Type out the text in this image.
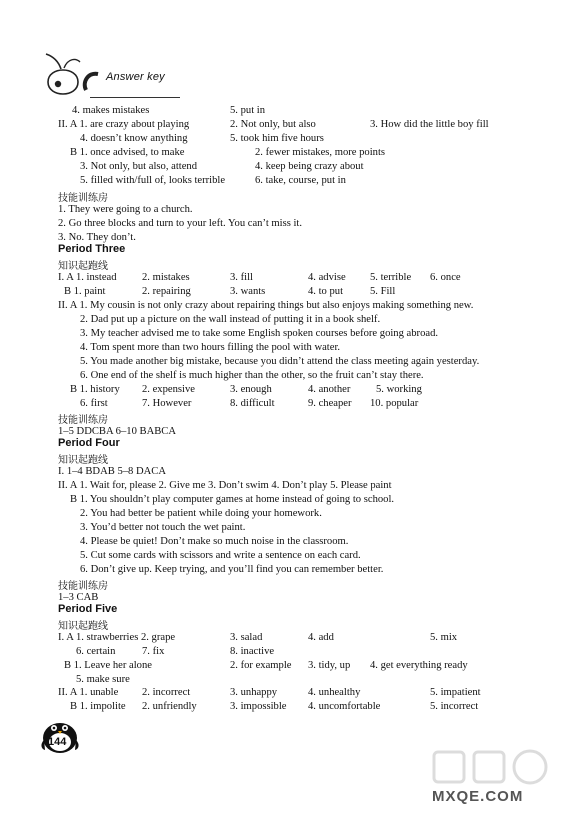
Answer key
4. makes mistakes	5. put in
II. A 1. are crazy about playing	2. Not only, but also	3. How did the little boy fill
4. doesn’t know anything	5. took him five hours
B 1. once advised, to make	2. fewer mistakes, more points
3. Not only, but also, attend	4. keep being crazy about
5. filled with/full of, looks terrible	6. take, course, put in
1. They were going to a church.
2. Go three blocks and turn to your left. You can’t miss it.
3. No. They don’t.
I. A 1. instead 2. mistakes	3. fill	4. advise 5. terrible 6. once
B 1. paint	2. repairing	3. wants	4. to put	5. Fill
II. A 1. My cousin is not only crazy about repairing things but also enjoys making something new.
2. Dad put up a picture on the wall instead of putting it in a book shelf.
3. My teacher advised me to take some English spoken courses before going abroad.
4. Tom spent more than two hours filling the pool with water.
5. You made another big mistake, because you didn’t attend the class meeting again yesterday.
6. One end of the shelf is much higher than the other, so the fruit can’t stay there.
B 1. history 2. expensive	3. enough	4. another 5. working
6. first	7. However	8. difficult	9. cheaper 10. popular
1–5 DDCBA 6–10 BABCA
I. 1–4 BDAB 5–8 DACA
II. A 1. Wait for, please 2. Give me 3. Don’t swim 4. Don’t play 5. Please paint
B 1. You shouldn’t play computer games at home instead of going to school.
2. You had better be patient while doing your homework.
3. You’d better not touch the wet paint.
4. Please be quiet! Don’t make so much noise in the classroom.
5. Cut some cards with scissors and write a sentence on each card.
6. Don’t give up. Keep trying, and you’ll find you can remember better.
1–3 CAB
I. A 1. strawberries 2. grape	3. salad	4. add	5. mix
6. certain	7. fix	8. inactive
B 1. Leave her alone	2. for example 3. tidy, up 4. get everything ready
5. make sure
II. A 1. unable 2. incorrect	3. unhappy	4. unhealthy	5. impatient
B 1. impolite 2. unfriendly	3. impossible 4. uncomfortable	5. incorrect
技能训练房
知识起跑线
技能训练房
知识起跑线
技能训练房
知识起跑线
Period Three
Period Four
Period Five
144
MXQE.COM
